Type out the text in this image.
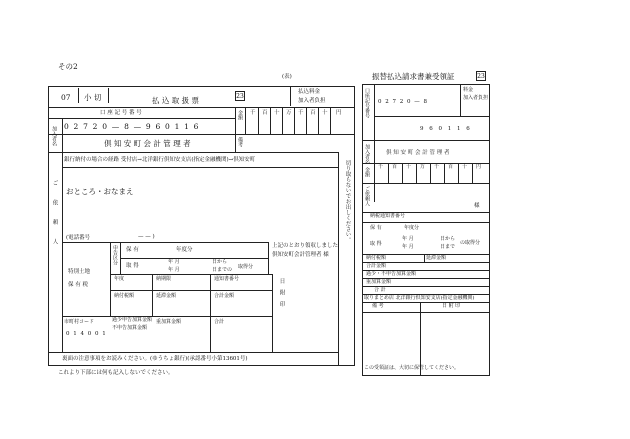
その2
(表)
07 小 切	払 込 取 扱 票	23
払込料金
加入者負担
口 座 記 号 番 号	金額 千 百 十 万 千 百 十 円
0 2 7 2 0 — 8 — 9 6 0 1 1 6
加入者名	倶 知 安 町 会 計 管 理 者	備考
銀行納付の場合の経路 受付店→北洋銀行倶知安支店(指定金融機関)→倶知安町
ご依頼人 おところ・おなまえ
(電話番号	— — )	切り取らないでお出しください。
上記のとおり領収しました
倶知安町会計管理者 様
特別土地
保 有 税
申告区分 保 有	年度分
取 得
年 月
年 月
日から
日までの 取得分
年度	納期限	通知書番号
納付税額	延滞金額	合計金額
市町村コード
0 1 4 0 0 1
過少申告加算金額
不申告加算金額
重加算金額	合計
日附印
裏面の注意事項をお読みください。(ゆうちょ銀行)(承認番号小第13601号)
これより下部には何も記入しないでください。
振替払込請求書兼受領証	23
口座記号番号 0 2 7 2 0 — 8
料金
加入者負担
9 6 0 1 1 6
加入者名	倶 知 安 町 会 計 管 理 者
金額 千 百 十 万 千 百 十 円
ご依頼人	様
納税通知書番号
保 有	年度分
取 得
年 月
年 月
日から
日まで
の取得分
納付税額	延滞金額
合計金額
過少・不申告加算金額
重加算金額
合 計
取りまとめ店 北洋銀行倶知安支店(指定金融機関)
備 考	日 附 印
この受領証は、大切に保管してください。
